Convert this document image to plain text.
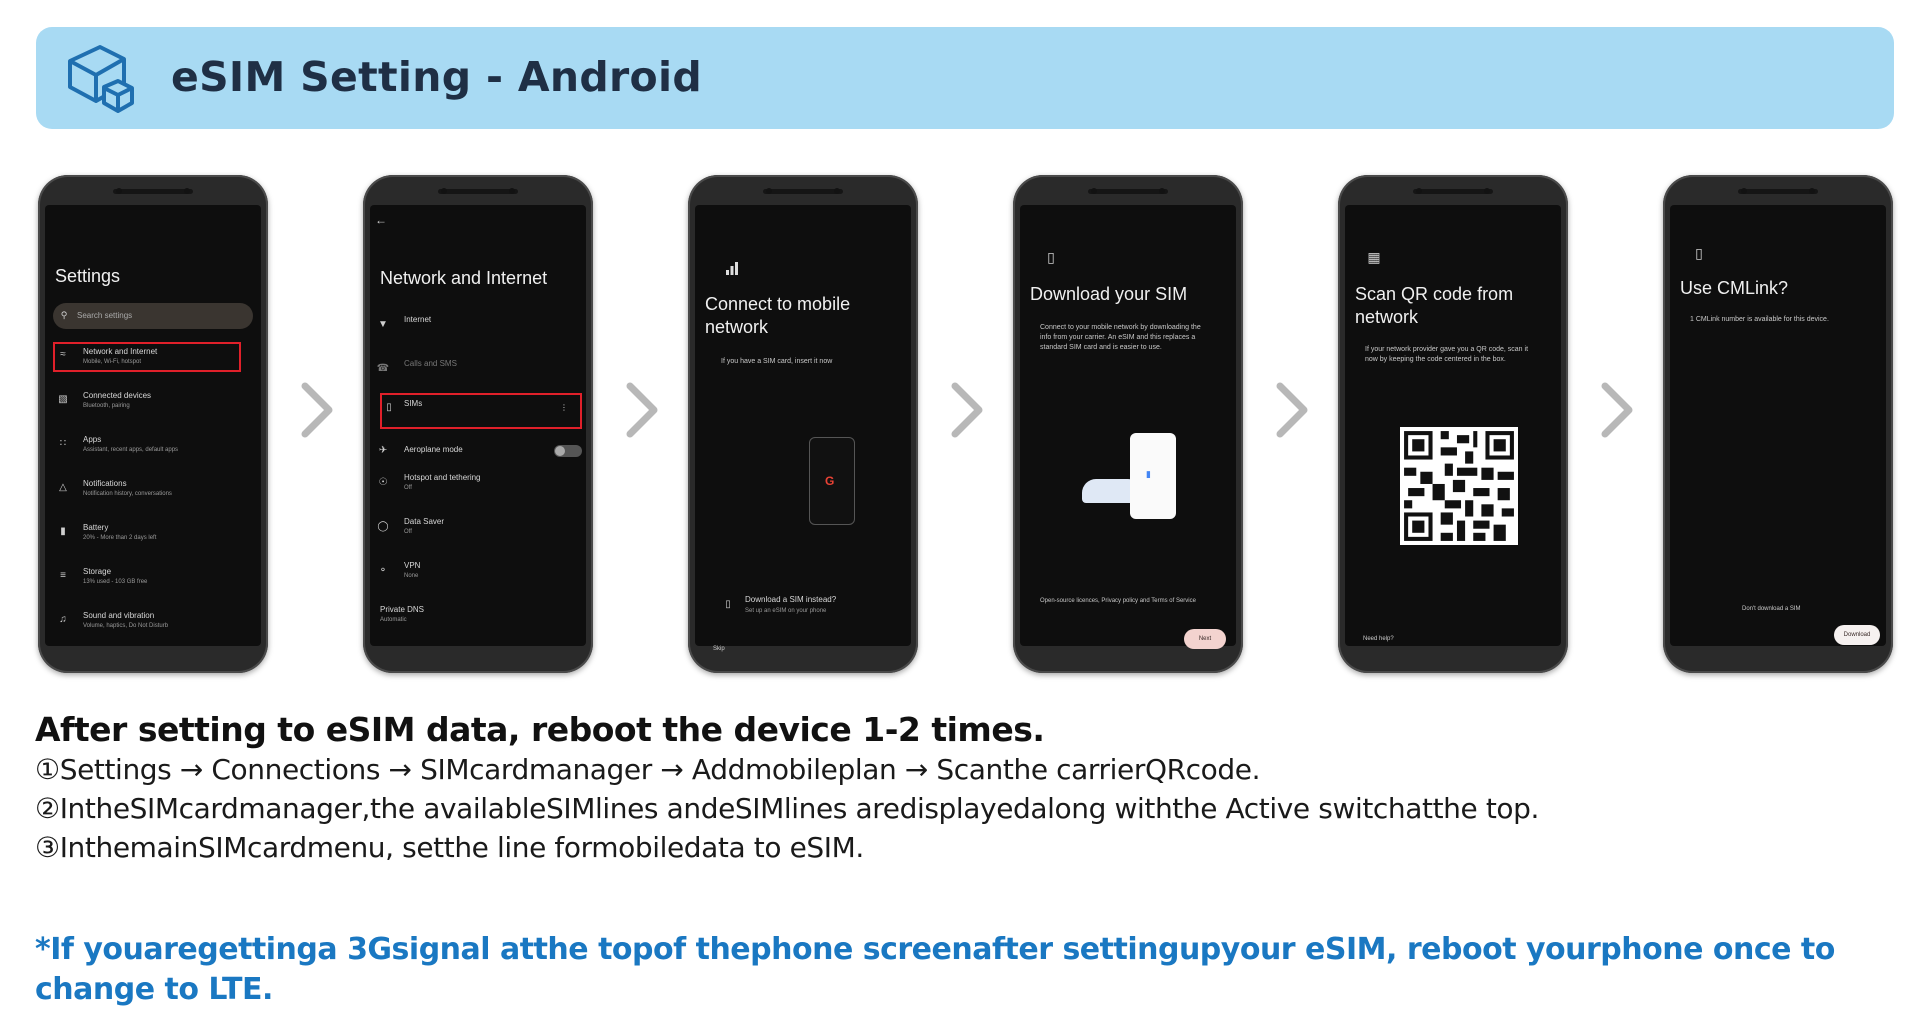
eSIM Setting - Android
Settings
⚲	Search settings
≈	Network and Internet
Mobile, Wi-Fi, hotspot
▧ Connected devices
Bluetooth, pairing
∷	Apps
Assistant, recent apps, default apps
△	Notifications
Notification history, conversations
▮	Battery
20% - More than 2 days left
≡	Storage
13% used - 103 GB free
♫	Sound and vibration
Volume, haptics, Do Not Disturb
←
Network and Internet
▼ Internet
☎ Calls and SMS
▯	SIMs	⋮
✈	Aeroplane mode
☉	Hotspot and tethering
Off
◯ Data Saver
Off
⚬	VPN
None
Private DNS
Automatic
Connect to mobile network
If you have a SIM card, insert it now
G
▯	Download a SIM instead?
Set up an eSIM on your phone
Skip
▯
Download your SIM
Connect to your mobile network by downloading the info from your carrier. An eSIM and this replaces a standard SIM card and is easier to use.
▮
Open-source licences, Privacy policy and Terms of Service
Next
▦
Scan QR code from network
If your network provider gave you a QR code, scan it now by keeping the code centered in the box.
Need help?
▯
Use CMLink?
1 CMLink number is available for this device.
Don't download a SIM
Download
After setting to eSIM data, reboot the device 1-2 times.
①Settings → Connections → SIMcardmanager → Addmobileplan → Scanthe carrierQRcode.
②IntheSIMcardmanager,the availableSIMlines andeSIMlines aredisplayedalong withthe Active switchatthe top.
③InthemainSIMcardmenu, setthe line formobiledata to eSIM.
*If youaregettinga 3Gsignal atthe topof thephone screenafter settingupyour eSIM, reboot yourphone once to change to LTE.
